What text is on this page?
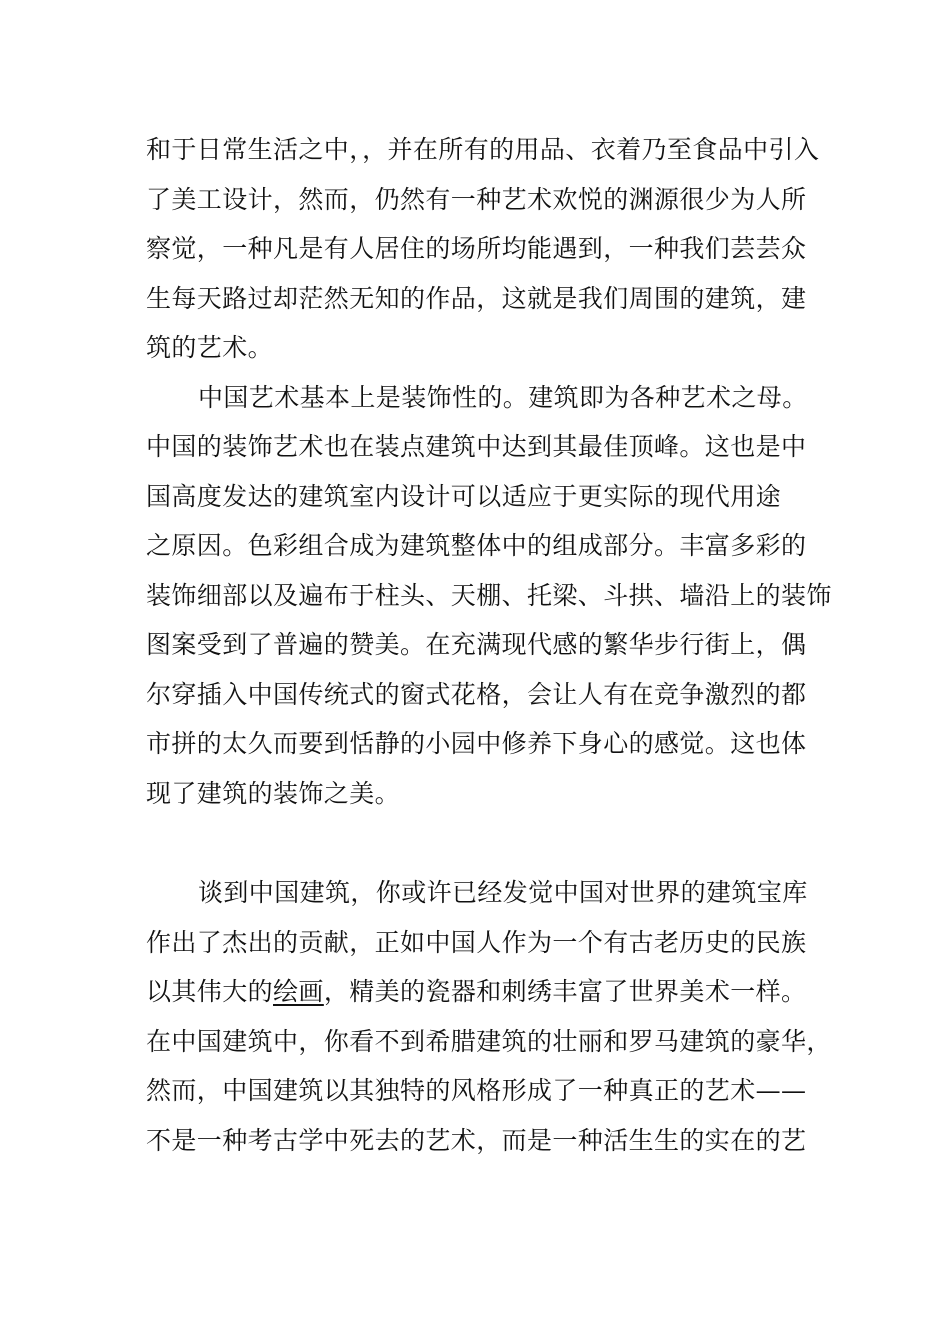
和于日常生活之中，，并在所有的用品、衣着乃至食品中引入
了美工设计，然而，仍然有一种艺术欢悦的渊源很少为人所
察觉，一种凡是有人居住的场所均能遇到，一种我们芸芸众
生每天路过却茫然无知的作品，这就是我们周围的建筑，建
筑的艺术。
中国艺术基本上是装饰性的。建筑即为各种艺术之母。
中国的装饰艺术也在装点建筑中达到其最佳顶峰。这也是中
国高度发达的建筑室内设计可以适应于更实际的现代用途
之原因。色彩组合成为建筑整体中的组成部分。丰富多彩的
装饰细部以及遍布于柱头、天棚、托梁、斗拱、墙沿上的装饰
图案受到了普遍的赞美。在充满现代感的繁华步行街上，偶
尔穿插入中国传统式的窗式花格，会让人有在竞争激烈的都
市拼的太久而要到恬静的小园中修养下身心的感觉。这也体
现了建筑的装饰之美。
谈到中国建筑，你或许已经发觉中国对世界的建筑宝库
作出了杰出的贡献，正如中国人作为一个有古老历史的民族
以其伟大的绘画，精美的瓷器和刺绣丰富了世界美术一样。
在中国建筑中，你看不到希腊建筑的壮丽和罗马建筑的豪华，
然而，中国建筑以其独特的风格形成了一种真正的艺术——
不是一种考古学中死去的艺术，而是一种活生生的实在的艺
